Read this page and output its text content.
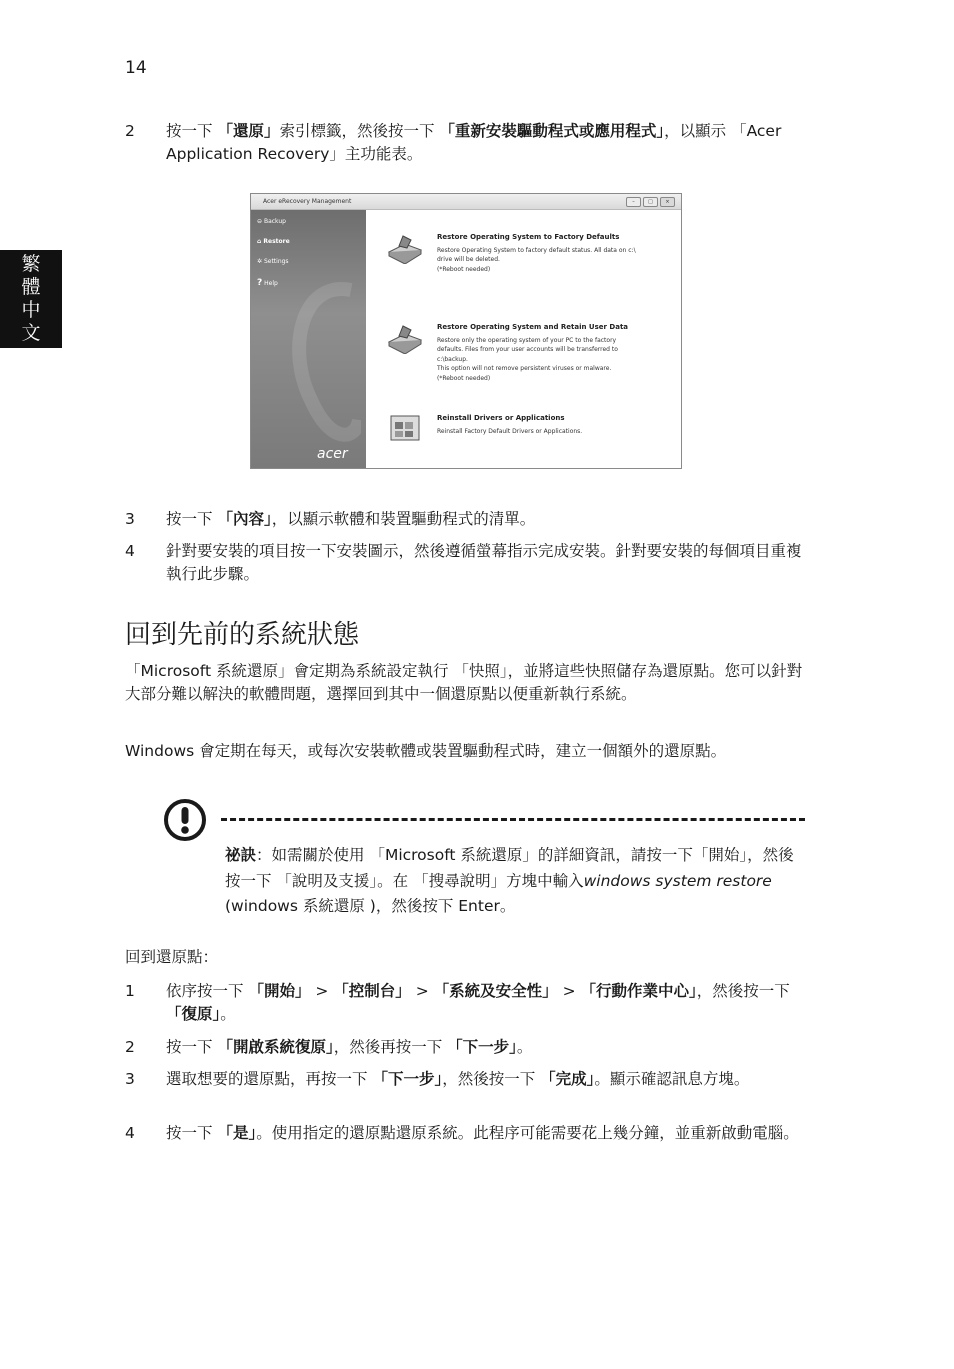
14
繁
體
中
文
2 按一下 「還原」索引標籤，然後按一下 「重新安裝驅動程式或應用程式」，以顯示 「Acer Application Recovery」主功能表。
Acer eRecovery Management	–	□	×
⊖ Backup
⌂ Restore
✲ Settings
? Help
acer
Restore Operating System to Factory Defaults
Restore Operating System to factory default status. All data on c:\
drive will be deleted.
(*Reboot needed)
Restore Operating System and Retain User Data
Restore only the operating system of your PC to the factory
defaults. Files from your user accounts will be transferred to
c:\backup.
This option will not remove persistent viruses or malware.
(*Reboot needed)
Reinstall Drivers or Applications
Reinstall Factory Default Drivers or Applications.
3 按一下 「內容」，以顯示軟體和裝置驅動程式的清單。
4 針對要安裝的項目按一下安裝圖示，然後遵循螢幕指示完成安裝。針對要安裝的每個項目重複執行此步驟。
回到先前的系統狀態
「Microsoft 系統還原」會定期為系統設定執行 「快照」，並將這些快照儲存為還原點。您可以針對大部分難以解決的軟體問題，選擇回到其中一個還原點以便重新執行系統。
Windows 會定期在每天，或每次安裝軟體或裝置驅動程式時，建立一個額外的還原點。
祕訣：如需關於使用 「Microsoft 系統還原」的詳細資訊，請按一下「開始」，然後按一下 「說明及支援」。在 「搜尋說明」方塊中輸入windows system restore (windows 系統還原 )，然後按下 Enter。
回到還原點：
1 依序按一下 「開始」 > 「控制台」 > 「系統及安全性」 > 「行動作業中心」，然後按一下 「復原」。
2 按一下 「開啟系統復原」，然後再按一下 「下一步」。
3 選取想要的還原點，再按一下 「下一步」，然後按一下 「完成」。顯示確認訊息方塊。
4 按一下 「是」。使用指定的還原點還原系統。此程序可能需要花上幾分鐘，並重新啟動電腦。
